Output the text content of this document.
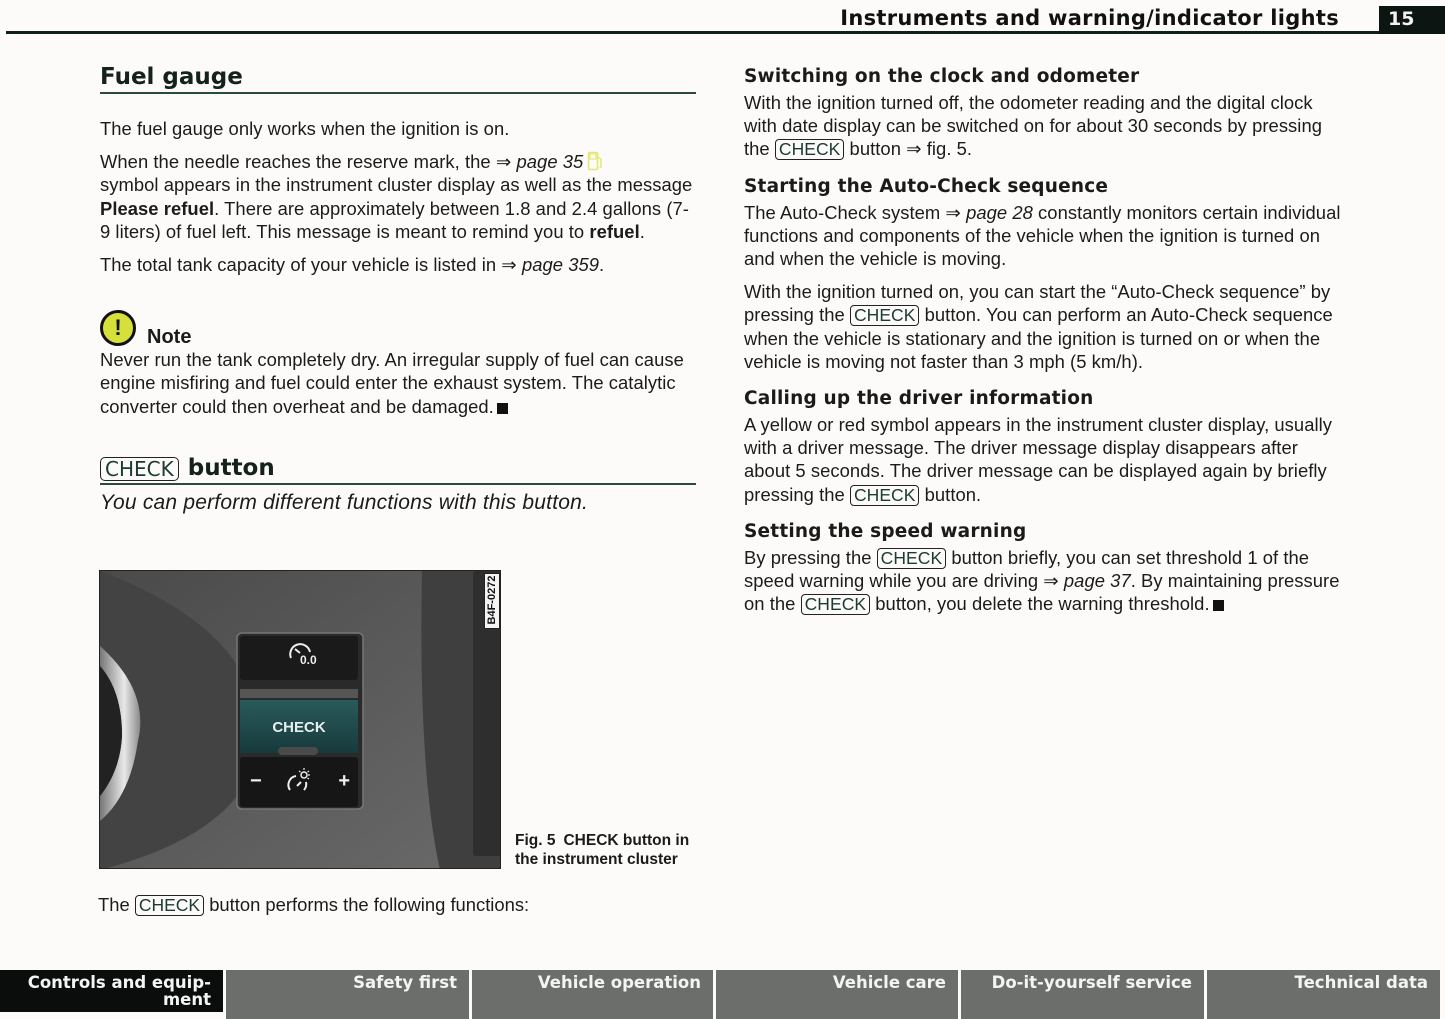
Instruments and warning/indicator lights	15
Fuel gauge

The fuel gauge only works when the ignition is on.

When the needle reaches the reserve mark, the ⇒ page 35
symbol appears in the instrument cluster display as well as the message Please refuel. There are approximately between 1.8 and 2.4 gallons (7-9 liters) of fuel left. This message is meant to remind you to refuel.

The total tank capacity of your vehicle is listed in ⇒ page 359.

!	Note

Never run the tank completely dry. An irregular supply of fuel can cause engine misfiring and fuel could enter the exhaust system. The catalytic converter could then overheat and be damaged.

CHECK button

You can perform different functions with this button.

0.0
CHECK
−	+
B4F-0272
Fig. 5 CHECK button in the instrument cluster

The CHECK button performs the following functions:

Switching on the clock and odometer

With the ignition turned off, the odometer reading and the digital clock with date display can be switched on for about 30 seconds by pressing the CHECK button ⇒ fig. 5.

Starting the Auto-Check sequence

The Auto-Check system ⇒ page 28 constantly monitors certain individual functions and components of the vehicle when the ignition is turned on and when the vehicle is moving.

With the ignition turned on, you can start the “Auto-Check sequence” by pressing the CHECK button. You can perform an Auto-Check sequence when the vehicle is stationary and the ignition is turned on or when the vehicle is moving not faster than 3 mph (5 km/h).

Calling up the driver information

A yellow or red symbol appears in the instrument cluster display, usually with a driver message. The driver message display disappears after about 5 seconds. The driver message can be displayed again by briefly pressing the CHECK button.

Setting the speed warning

By pressing the CHECK button briefly, you can set threshold 1 of the speed warning while you are driving ⇒ page 37. By maintaining pressure on the CHECK button, you delete the warning threshold.

Controls and equip-
ment
Safety first	Vehicle operation	Vehicle care	Do-it-yourself service	Technical data
